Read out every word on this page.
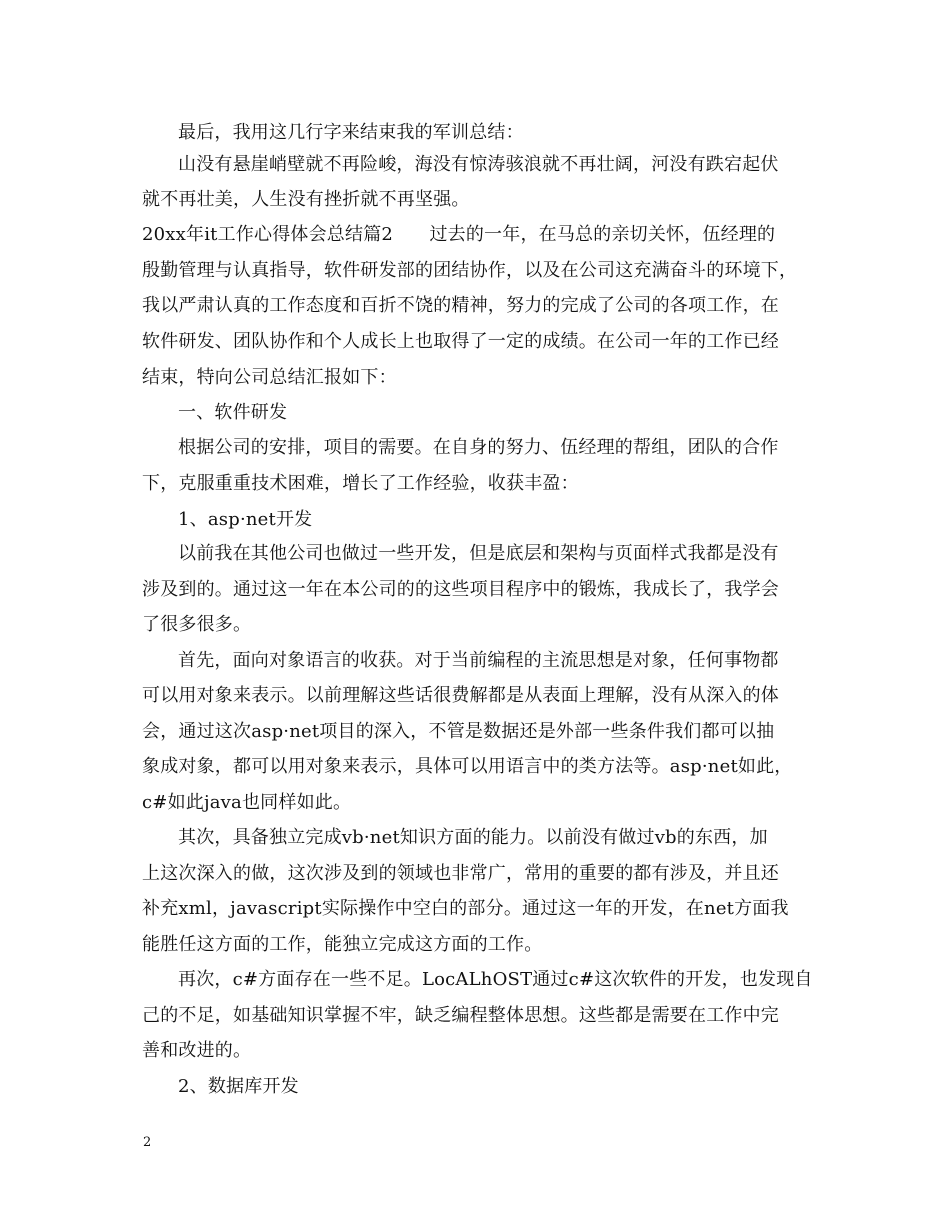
最后，我用这几行字来结束我的军训总结：
山没有悬崖峭壁就不再险峻，海没有惊涛骇浪就不再壮阔，河没有跌宕起伏
就不再壮美，人生没有挫折就不再坚强。
20xx年it工作心得体会总结篇2　　过去的一年，在马总的亲切关怀，伍经理的
殷勤管理与认真指导，软件研发部的团结协作，以及在公司这充满奋斗的环境下，
我以严肃认真的工作态度和百折不饶的精神，努力的完成了公司的各项工作，在
软件研发、团队协作和个人成长上也取得了一定的成绩。在公司一年的工作已经
结束，特向公司总结汇报如下：
一、软件研发
根据公司的安排，项目的需要。在自身的努力、伍经理的帮组，团队的合作
下，克服重重技术困难，增长了工作经验，收获丰盈：
1、asp·net开发
以前我在其他公司也做过一些开发，但是底层和架构与页面样式我都是没有
涉及到的。通过这一年在本公司的的这些项目程序中的锻炼，我成长了，我学会
了很多很多。
首先，面向对象语言的收获。对于当前编程的主流思想是对象，任何事物都
可以用对象来表示。以前理解这些话很费解都是从表面上理解，没有从深入的体
会，通过这次asp·net项目的深入，不管是数据还是外部一些条件我们都可以抽
象成对象，都可以用对象来表示，具体可以用语言中的类方法等。asp·net如此，
c#如此java也同样如此。
其次，具备独立完成vb·net知识方面的能力。以前没有做过vb的东西，加
上这次深入的做，这次涉及到的领域也非常广，常用的重要的都有涉及，并且还
补充xml，javascript实际操作中空白的部分。通过这一年的开发，在net方面我
能胜任这方面的工作，能独立完成这方面的工作。
再次，c#方面存在一些不足。LocALhOST通过c#这次软件的开发，也发现自
己的不足，如基础知识掌握不牢，缺乏编程整体思想。这些都是需要在工作中完
善和改进的。
2、数据库开发
2
